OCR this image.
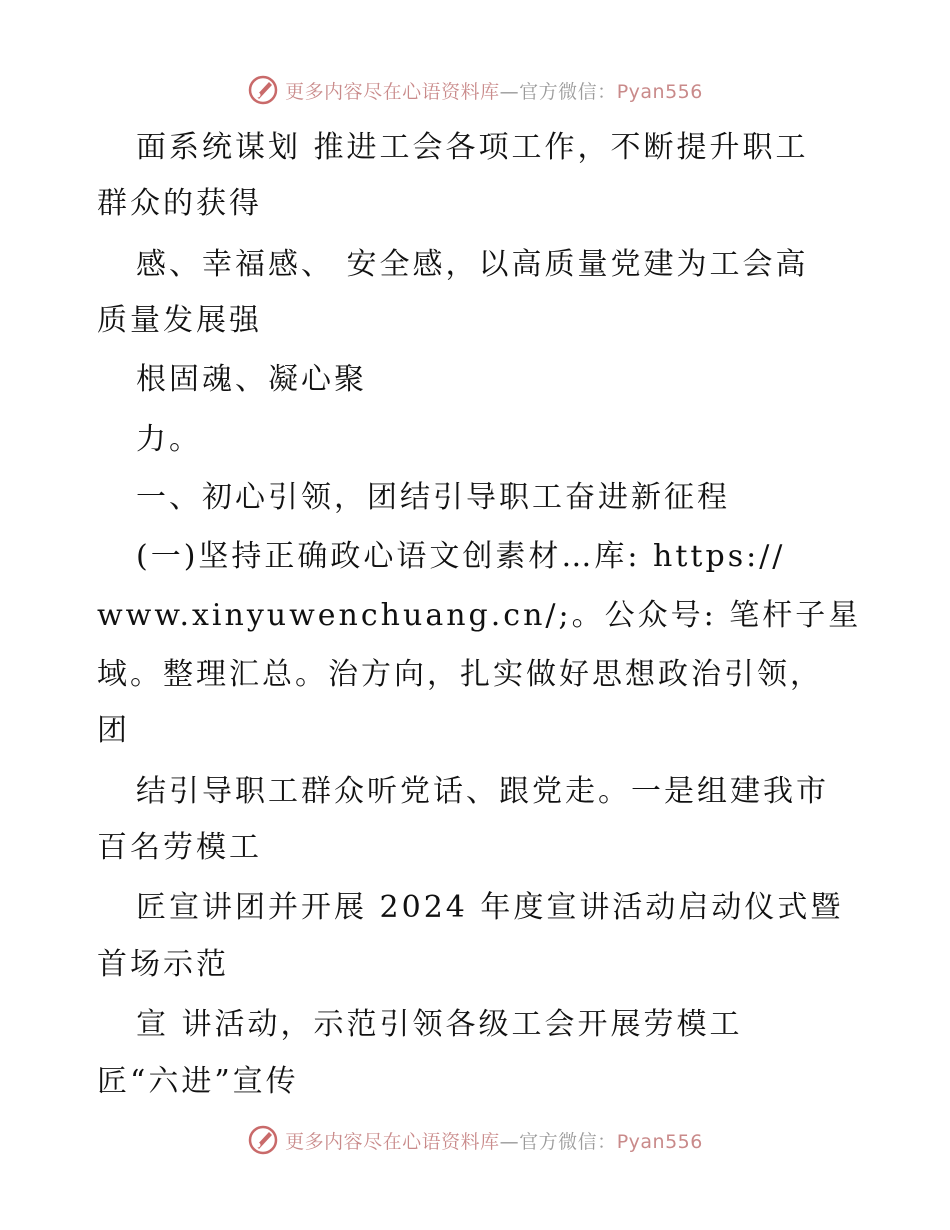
更多内容尽在心语资料库—官方微信：Pyan556
面系统谋划 推进工会各项工作，不断提升职工
群众的获得
感、幸福感、 安全感，以高质量党建为工会高
质量发展强
根固魂、凝心聚
力。
一、初心引领，团结引导职工奋进新征程
(一)坚持正确政心语文创素材…库: https://
www.xinyuwenchuang.cn/;。公众号: 笔杆子星
域。整理汇总。治方向，扎实做好思想政治引领，
团
结引导职工群众听党话、跟党走。一是组建我市
百名劳模工
匠宣讲团并开展 2024 年度宣讲活动启动仪式暨
首场示范
宣 讲活动，示范引领各级工会开展劳模工
匠“六进”宣传
更多内容尽在心语资料库—官方微信：Pyan556
